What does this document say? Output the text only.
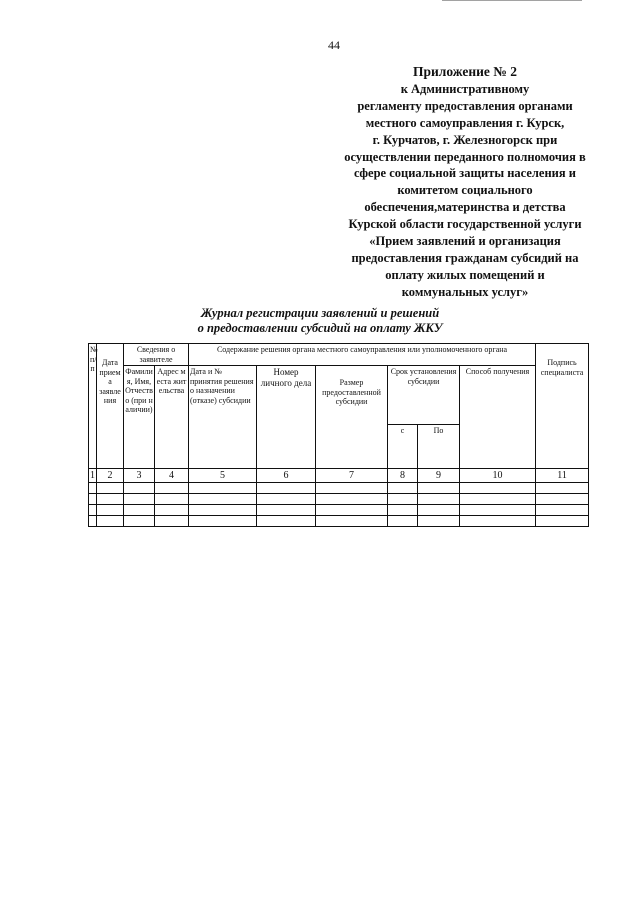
44
Приложение № 2
к Административному
регламенту предоставления органами
местного самоуправления г. Курск,
г. Курчатов, г. Железногорск при
осуществлении переданного полномочия в
сфере социальной защиты населения и
комитетом социального
обеспечения,материнства и детства
Курской области государственной услуги
«Прием заявлений и организация
предоставления гражданам субсидий на
оплату жилых помещений и
коммунальных услуг»
Журнал регистрации заявлений и решений
о предоставлении субсидий на оплату ЖКУ
№ п/п	Дата приема заявления	Сведения о заявителе		Содержание решения органа местного самоуправления или уполномоченного органа						Подпись специалиста

		Фамилия, Имя, Отчество (при наличии)	Адрес места жительства	Дата и № принятия решения о назначении (отказе) субсидии	Номер личного дела	Размер предоставленной субсидии	Срок установления субсидии		Способ получения	

							с	По		

1	2	3	4	5	6	7	8	9	10	11
